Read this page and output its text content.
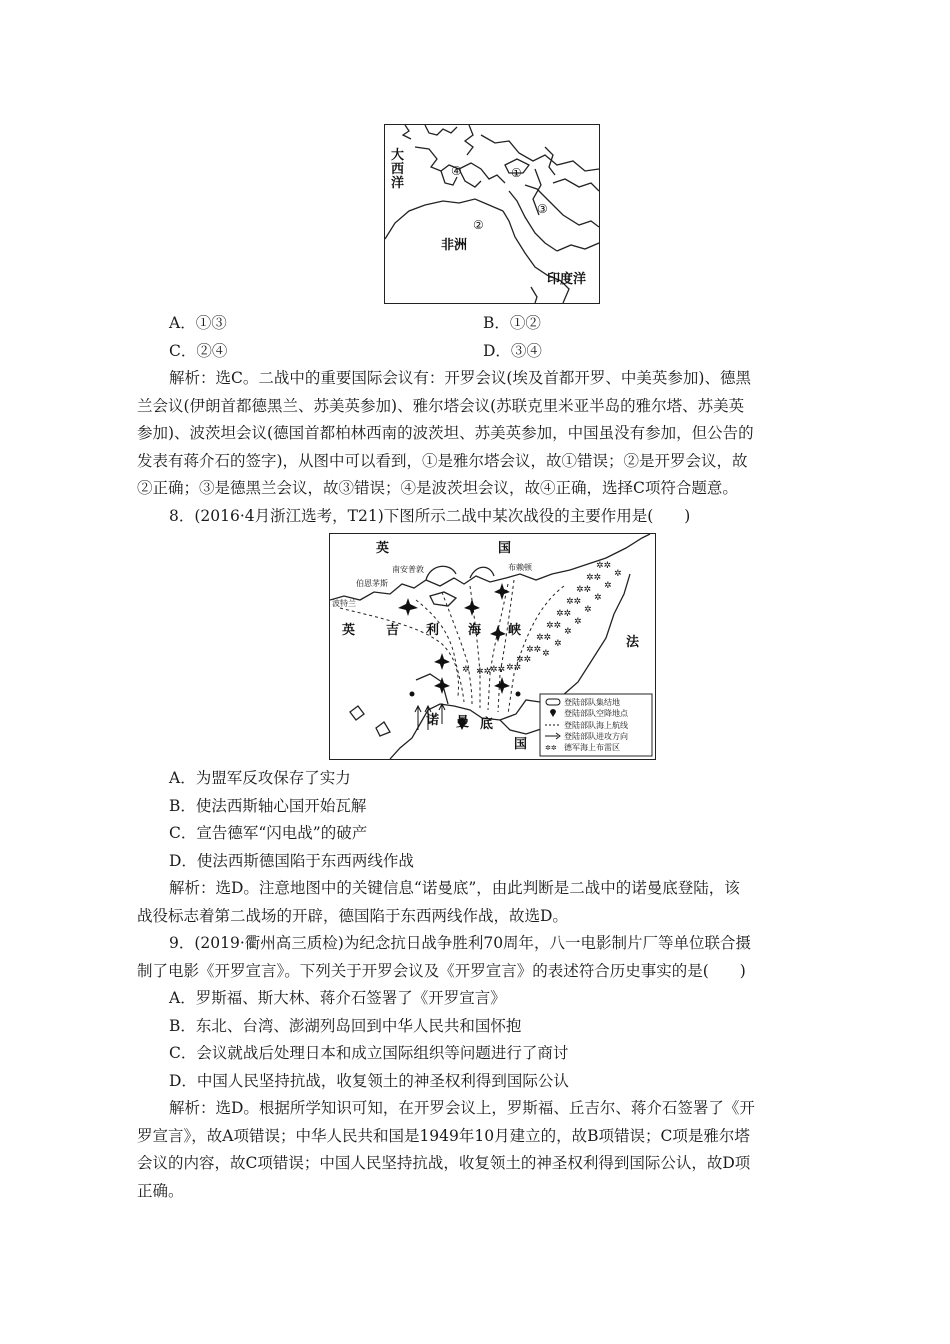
大
西
洋
非洲
印度洋
④	①
②
③
A．①③	B．①②
C．②④	D．③④
解析：选C。二战中的重要国际会议有：开罗会议(埃及首都开罗、中美英参加)、德黑
兰会议(伊朗首都德黑兰、苏美英参加)、雅尔塔会议(苏联克里米亚半岛的雅尔塔、苏美英
参加)、波茨坦会议(德国首都柏林西南的波茨坦、苏美英参加，中国虽没有参加，但公告的
发表有蒋介石的签字)，从图中可以看到，①是雅尔塔会议，故①错误；②是开罗会议，故
②正确；③是德黑兰会议，故③错误；④是波茨坦会议，故④正确，选择C项符合题意。
8．(2016·4月浙江选考，T21)下图所示二战中某次战役的主要作用是(　　)
✲✲
✲✲
✲✲
✲✲
✲✲
✲✲
✲✲
✲✲
✲✲
✲✲
✲✲
✲✲
✲
✲
✲
✲
✲
✲
✲
✲
✲
英	国
南安普敦
伯恩茅斯
波特兰
布赖顿
英 吉 利 海 峡
法
国
诺 曼 底
✲✲
登陆部队集结地
登陆部队空降地点
登陆部队海上航线
登陆部队进攻方向
德军海上布雷区
A．为盟军反攻保存了实力
B．使法西斯轴心国开始瓦解
C．宣告德军“闪电战”的破产
D．使法西斯德国陷于东西两线作战
解析：选D。注意地图中的关键信息“诺曼底”，由此判断是二战中的诺曼底登陆，该
战役标志着第二战场的开辟，德国陷于东西两线作战，故选D。
9．(2019·衢州高三质检)为纪念抗日战争胜利70周年，八一电影制片厂等单位联合摄
制了电影《开罗宣言》。下列关于开罗会议及《开罗宣言》的表述符合历史事实的是(　　)
A．罗斯福、斯大林、蒋介石签署了《开罗宣言》
B．东北、台湾、澎湖列岛回到中华人民共和国怀抱
C．会议就战后处理日本和成立国际组织等问题进行了商讨
D．中国人民坚持抗战，收复领土的神圣权利得到国际公认
解析：选D。根据所学知识可知，在开罗会议上，罗斯福、丘吉尔、蒋介石签署了《开
罗宣言》，故A项错误；中华人民共和国是1949年10月建立的，故B项错误；C项是雅尔塔
会议的内容，故C项错误；中国人民坚持抗战，收复领土的神圣权利得到国际公认，故D项
正确。
